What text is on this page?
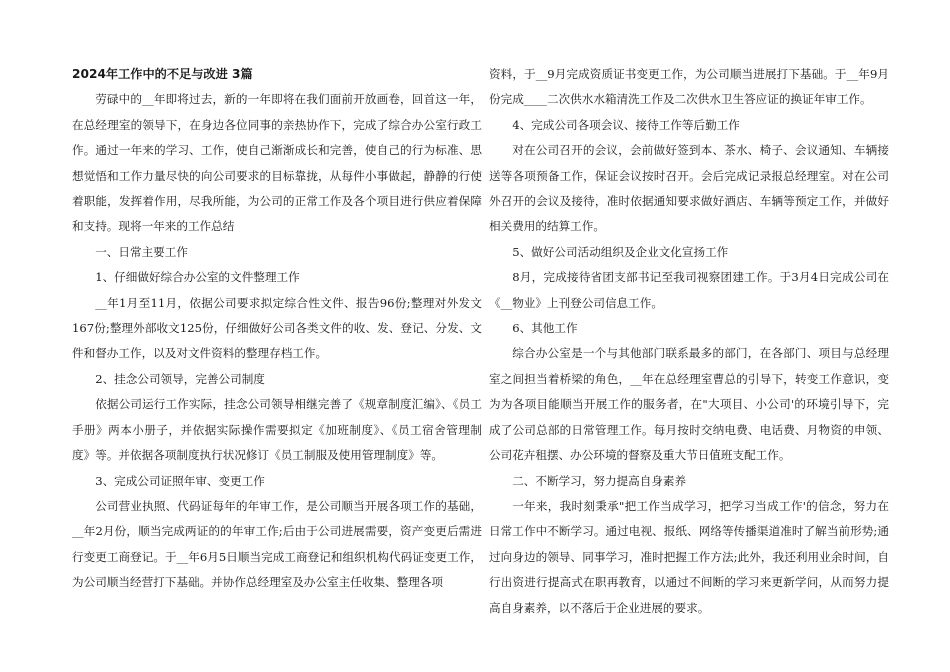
2024年工作中的不足与改进 3篇

劳碌中的__年即将过去，新的一年即将在我们面前开放画卷，回首这一年，在总经理室的领导下，在身边各位同事的亲热协作下，完成了综合办公室行政工作。通过一年来的学习、工作，使自己渐渐成长和完善，使自己的行为标准、思想觉悟和工作力量尽快的向公司要求的目标靠拢，从每件小事做起，静静的行使着职能，发挥着作用，尽我所能，为公司的正常工作及各个项目进行供应着保障和支持。现将一年来的工作总结

一、日常主要工作

1、仔细做好综合办公室的文件整理工作

__年1月至11月，依据公司要求拟定综合性文件、报告96份;整理对外发文167份;整理外部收文125份，仔细做好公司各类文件的收、发、登记、分发、文件和督办工作，以及对文件资料的整理存档工作。

2、挂念公司领导，完善公司制度

依据公司运行工作实际，挂念公司领导相继完善了《规章制度汇编》、《员工手册》两本小册子，并依据实际操作需要拟定《加班制度》、《员工宿舍管理制度》等。并依据各项制度执行状况修订《员工制服及使用管理制度》等。

3、完成公司证照年审、变更工作

公司营业执照、代码证每年的年审工作，是公司顺当开展各项工作的基础，__年2月份，顺当完成两证的的年审工作;后由于公司进展需要，资产变更后需进行变更工商登记。于__年6月5日顺当完成工商登记和组织机构代码证变更工作，为公司顺当经营打下基础。并协作总经理室及办公室主任收集、整理各项

资料，于__9月完成资质证书变更工作，为公司顺当进展打下基础。于__年9月份完成____二次供水水箱清洗工作及二次供水卫生答应证的换证年审工作。

4、完成公司各项会议、接待工作等后勤工作

对在公司召开的会议，会前做好签到本、茶水、椅子、会议通知、车辆接送等各项预备工作，保证会议按时召开。会后完成记录报总经理室。对在公司外召开的会议及接待，准时依据通知要求做好酒店、车辆等预定工作，并做好相关费用的结算工作。

5、做好公司活动组织及企业文化宣扬工作

8月，完成接待省团支部书记至我司视察团建工作。于3月4日完成公司在《__物业》上刊登公司信息工作。

6、其他工作

综合办公室是一个与其他部门联系最多的部门，在各部门、项目与总经理室之间担当着桥梁的角色，__年在总经理室曹总的引导下，转变工作意识，变为为各项目能顺当开展工作的服务者，在"大项目、小公司'的环境引导下，完成了公司总部的日常管理工作。每月按时交纳电费、电话费、月物资的申领、公司花卉租摆、办公环境的督察及重大节日值班支配工作。

二、不断学习，努力提高自身素养

一年来，我时刻秉承"把工作当成学习，把学习当成工作'的信念，努力在日常工作中不断学习。通过电视、报纸、网络等传播渠道准时了解当前形势;通过向身边的领导、同事学习，准时把握工作方法;此外，我还利用业余时间，自行出资进行提高式在职再教育，以通过不间断的学习来更新学问，从而努力提高自身素养，以不落后于企业进展的要求。
